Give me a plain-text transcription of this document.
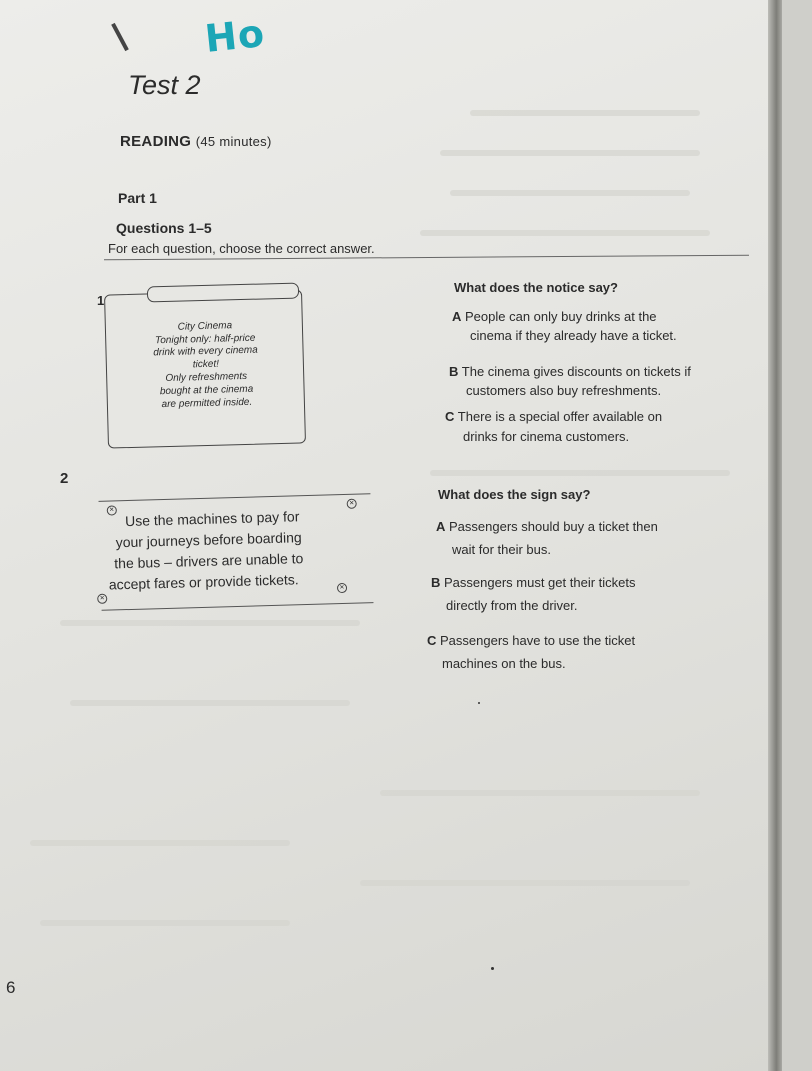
Ho
Test 2
READING (45 minutes)
Part 1
Questions 1–5
For each question, choose the correct answer.
1
City Cinema
Tonight only: half-price
drink with every cinema
ticket!
Only refreshments
bought at the cinema
are permitted inside.
What does the notice say?
A People can only buy drinks at the
cinema if they already have a ticket.
B The cinema gives discounts on tickets if
customers also buy refreshments.
C There is a special offer available on
drinks for cinema customers.
2
✕
✕
✕
✕
Use the machines to pay for
your journeys before boarding
the bus – drivers are unable to
accept fares or provide tickets.
What does the sign say?
A Passengers should buy a ticket then
wait for their bus.
B Passengers must get their tickets
directly from the driver.
C Passengers have to use the ticket
machines on the bus.
6
